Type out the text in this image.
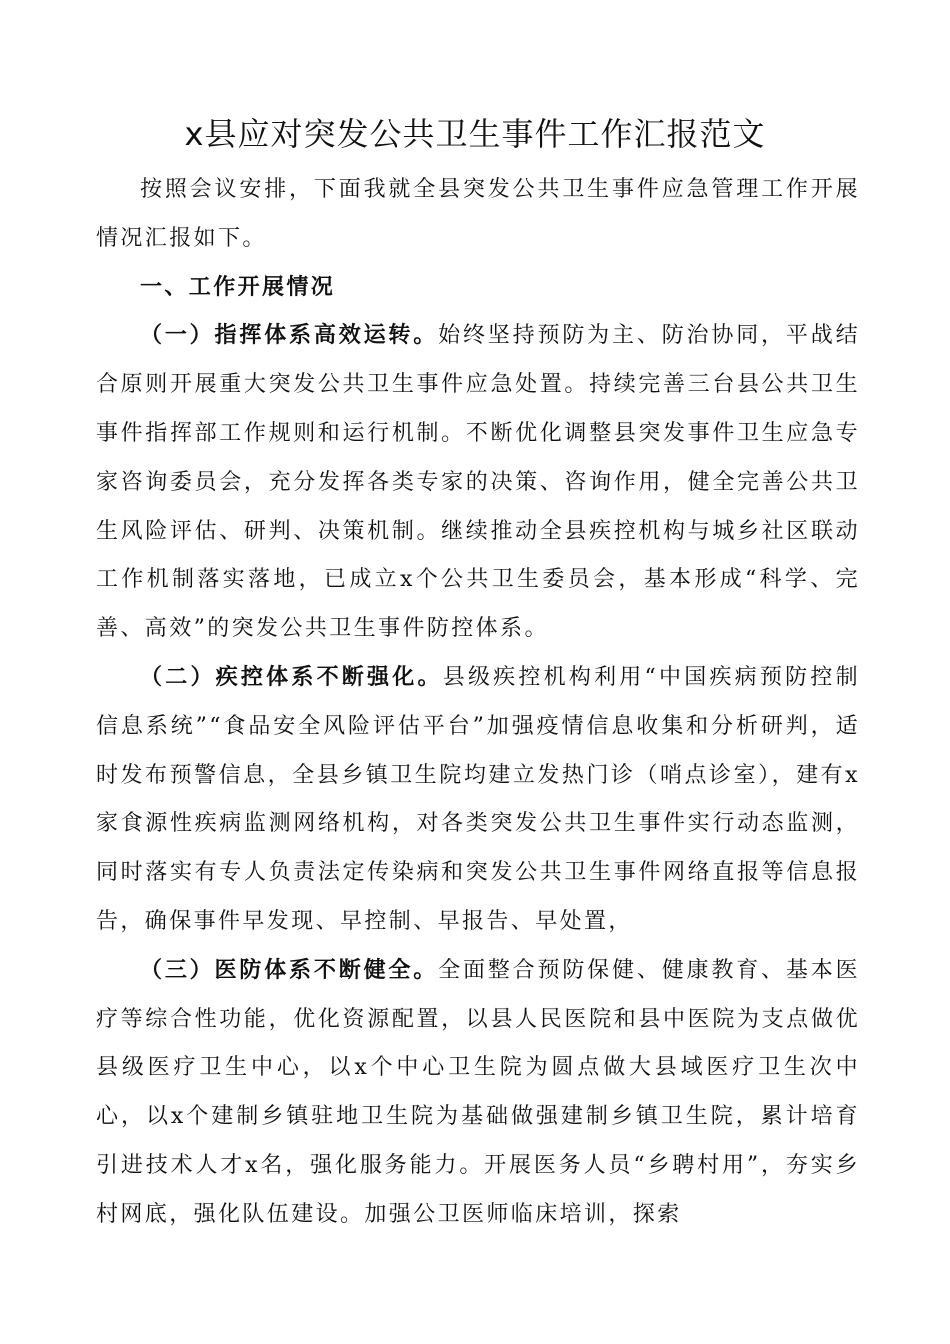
x县应对突发公共卫生事件工作汇报范文

按照会议安排，下面我就全县突发公共卫生事件应急管理工作开展情况汇报如下。

一、工作开展情况

（一）指挥体系高效运转。始终坚持预防为主、防治协同，平战结合原则开展重大突发公共卫生事件应急处置。持续完善三台县公共卫生事件指挥部工作规则和运行机制。不断优化调整县突发事件卫生应急专家咨询委员会，充分发挥各类专家的决策、咨询作用，健全完善公共卫生风险评估、研判、决策机制。继续推动全县疾控机构与城乡社区联动工作机制落实落地，已成立x个公共卫生委员会，基本形成“科学、完善、高效”的突发公共卫生事件防控体系。

（二）疾控体系不断强化。县级疾控机构利用“中国疾病预防控制信息系统”“食品安全风险评估平台”加强疫情信息收集和分析研判，适时发布预警信息，全县乡镇卫生院均建立发热门诊（哨点诊室），建有x家食源性疾病监测网络机构，对各类突发公共卫生事件实行动态监测，同时落实有专人负责法定传染病和突发公共卫生事件网络直报等信息报告，确保事件早发现、早控制、早报告、早处置，

（三）医防体系不断健全。全面整合预防保健、健康教育、基本医疗等综合性功能，优化资源配置，以县人民医院和县中医院为支点做优县级医疗卫生中心，以x个中心卫生院为圆点做大县域医疗卫生次中心，以x个建制乡镇驻地卫生院为基础做强建制乡镇卫生院，累计培育引进技术人才x名，强化服务能力。开展医务人员“乡聘村用”，夯实乡村网底，强化队伍建设。加强公卫医师临床培训，探索
